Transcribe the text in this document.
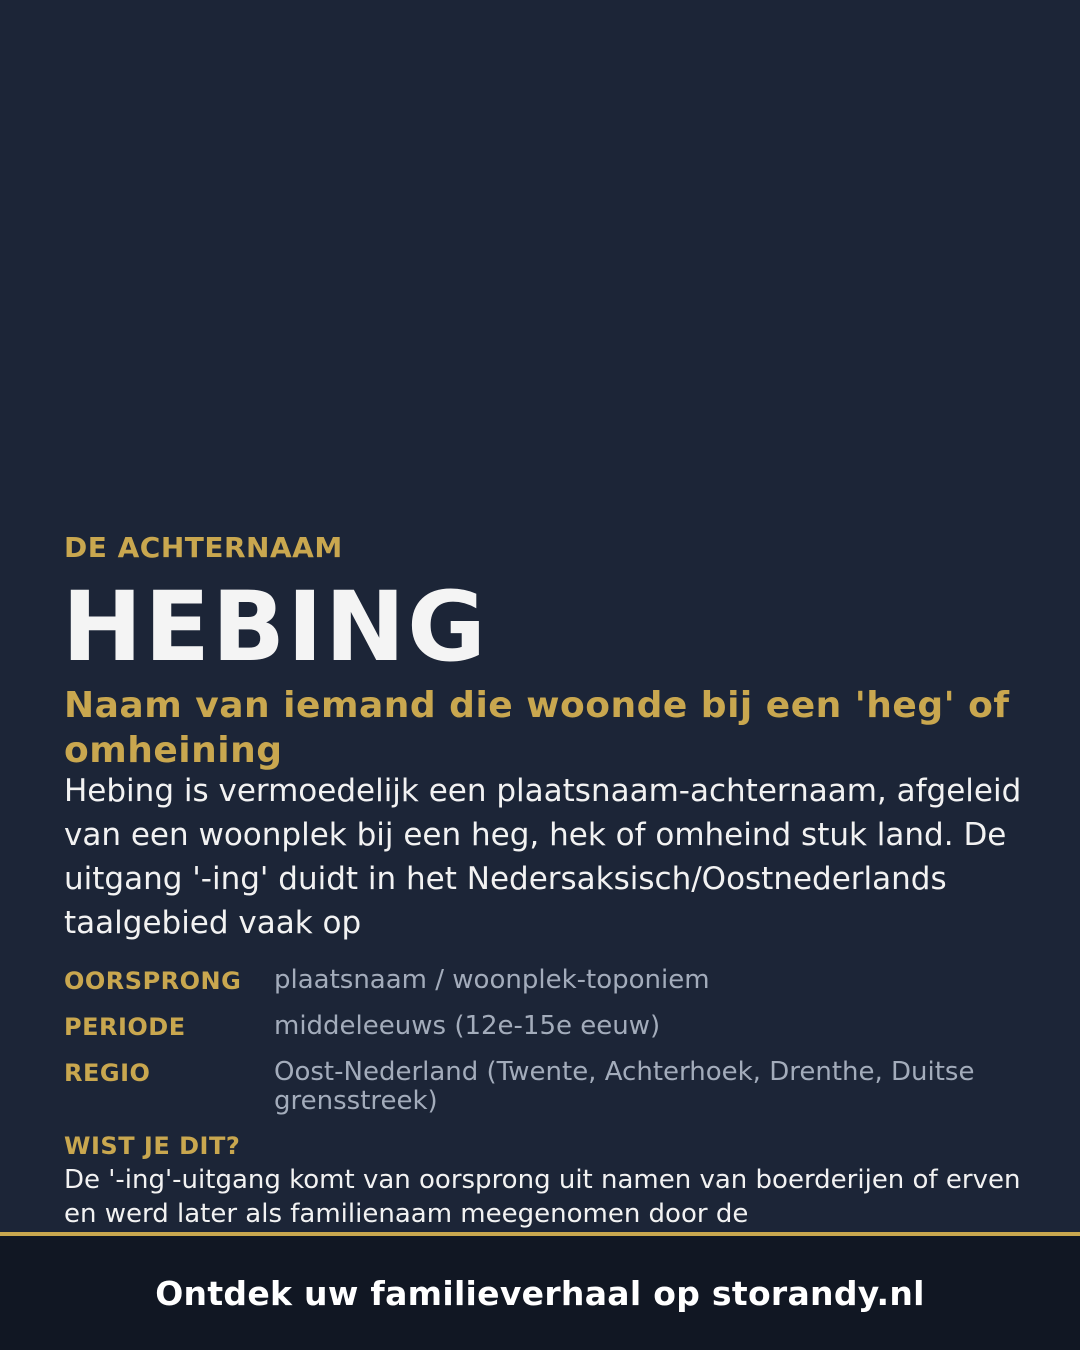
DE ACHTERNAAM
HEBING
Naam van iemand die woonde bij een 'heg' of omheining
Hebing is vermoedelijk een plaatsnaam-achternaam, afgeleid van een woonplek bij een heg, hek of omheind stuk land. De uitgang '-ing' duidt in het Nedersaksisch/Oostnederlands taalgebied vaak op
OORSPRONG	plaatsnaam / woonplek-toponiem
PERIODE	middeleeuws (12e-15e eeuw)
REGIO	Oost-Nederland (Twente, Achterhoek, Drenthe, Duitse grensstreek)
WIST JE DIT?
De '-ing'-uitgang komt van oorsprong uit namen van boerderijen of erven en werd later als familienaam meegenomen door de
Ontdek uw familieverhaal op storandy.nl
